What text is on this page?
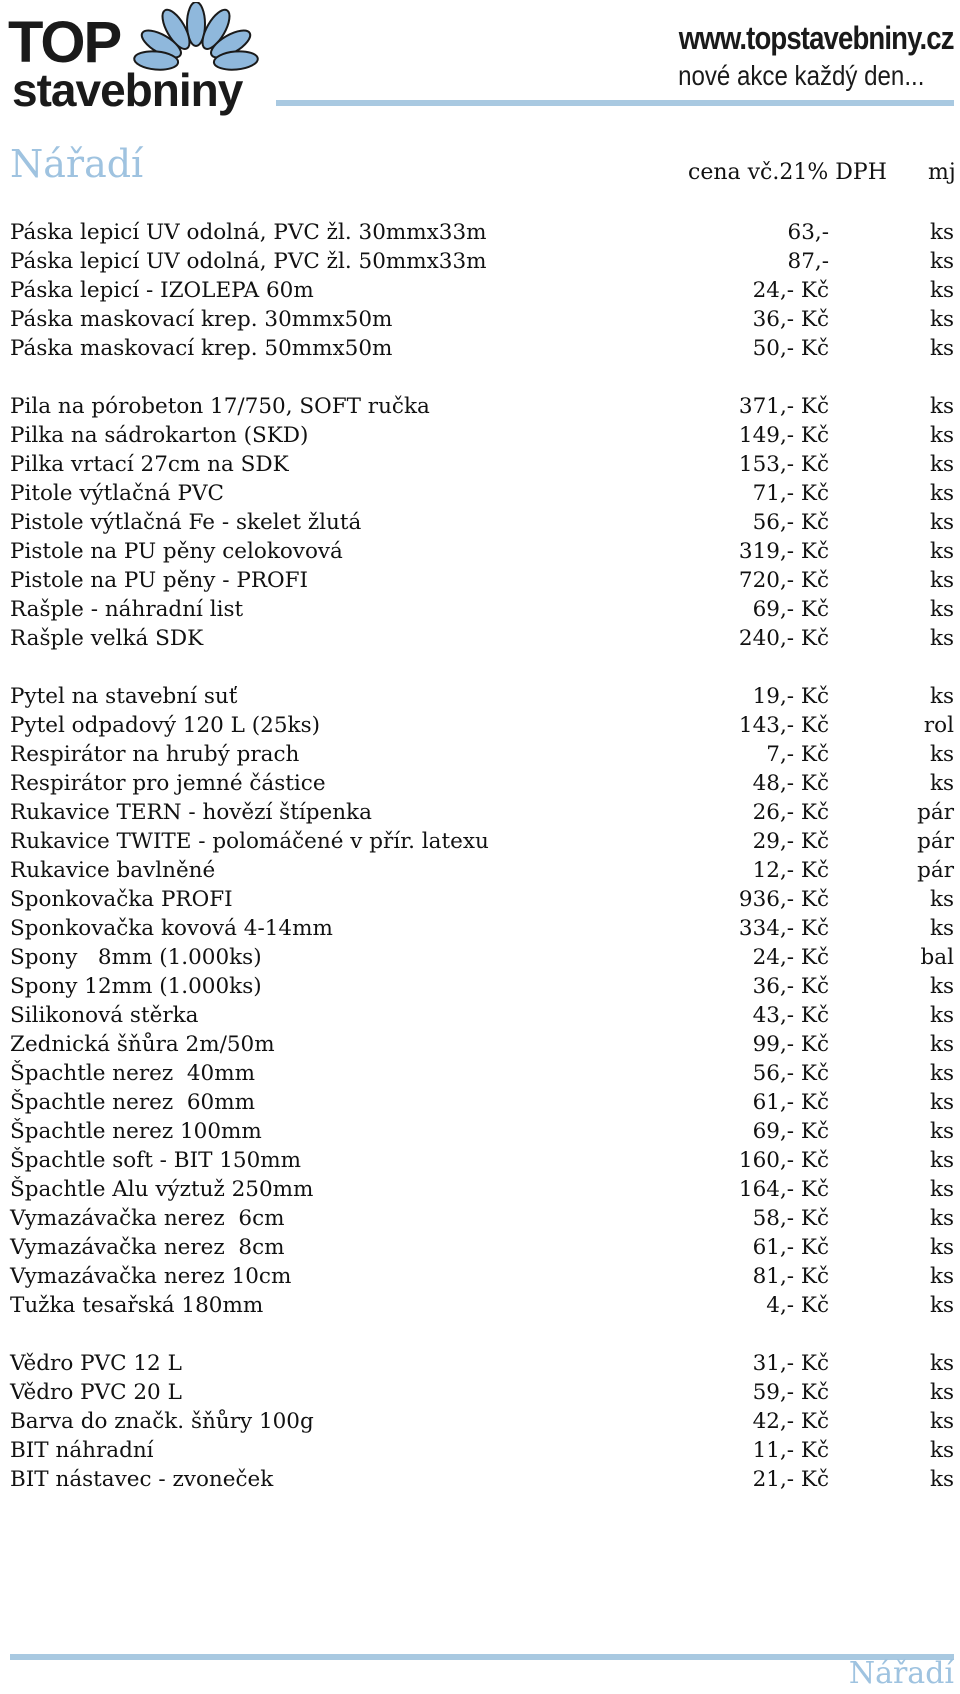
TOP
stavebniny
www.topstavebniny.cz
nové akce každý den...
Nářadí	cena vč.21% DPH mj
Páska lepicí UV odolná, PVC žl. 30mmx33m	63,-	ks
Páska lepicí UV odolná, PVC žl. 50mmx33m	87,-	ks
Páska lepicí - IZOLEPA 60m	24,- Kč	ks
Páska maskovací krep. 30mmx50m	36,- Kč	ks
Páska maskovací krep. 50mmx50m	50,- Kč	ks
Pila na pórobeton 17/750, SOFT ručka	371,- Kč	ks
Pilka na sádrokarton (SKD)	149,- Kč	ks
Pilka vrtací 27cm na SDK	153,- Kč	ks
Pitole výtlačná PVC	71,- Kč	ks
Pistole výtlačná Fe - skelet žlutá	56,- Kč	ks
Pistole na PU pěny celokovová	319,- Kč	ks
Pistole na PU pěny - PROFI	720,- Kč	ks
Rašple - náhradní list	69,- Kč	ks
Rašple velká SDK	240,- Kč	ks
Pytel na stavební suť	19,- Kč	ks
Pytel odpadový 120 L (25ks)	143,- Kč	rol
Respirátor na hrubý prach	7,- Kč	ks
Respirátor pro jemné částice	48,- Kč	ks
Rukavice TERN - hovězí štípenka	26,- Kč	pár
Rukavice TWITE - polomáčené v přír. latexu	29,- Kč	pár
Rukavice bavlněné	12,- Kč	pár
Sponkovačka PROFI	936,- Kč	ks
Sponkovačka kovová 4-14mm	334,- Kč	ks
Spony   8mm (1.000ks)	24,- Kč	bal
Spony 12mm (1.000ks)	36,- Kč	ks
Silikonová stěrka	43,- Kč	ks
Zednická šňůra 2m/50m	99,- Kč	ks
Špachtle nerez  40mm	56,- Kč	ks
Špachtle nerez  60mm	61,- Kč	ks
Špachtle nerez 100mm	69,- Kč	ks
Špachtle soft - BIT 150mm	160,- Kč	ks
Špachtle Alu výztuž 250mm	164,- Kč	ks
Vymazávačka nerez  6cm	58,- Kč	ks
Vymazávačka nerez  8cm	61,- Kč	ks
Vymazávačka nerez 10cm	81,- Kč	ks
Tužka tesařská 180mm	4,- Kč	ks
Vědro PVC 12 L	31,- Kč	ks
Vědro PVC 20 L	59,- Kč	ks
Barva do značk. šňůry 100g	42,- Kč	ks
BIT náhradní	11,- Kč	ks
BIT nástavec - zvoneček	21,- Kč	ks
Nářadí
